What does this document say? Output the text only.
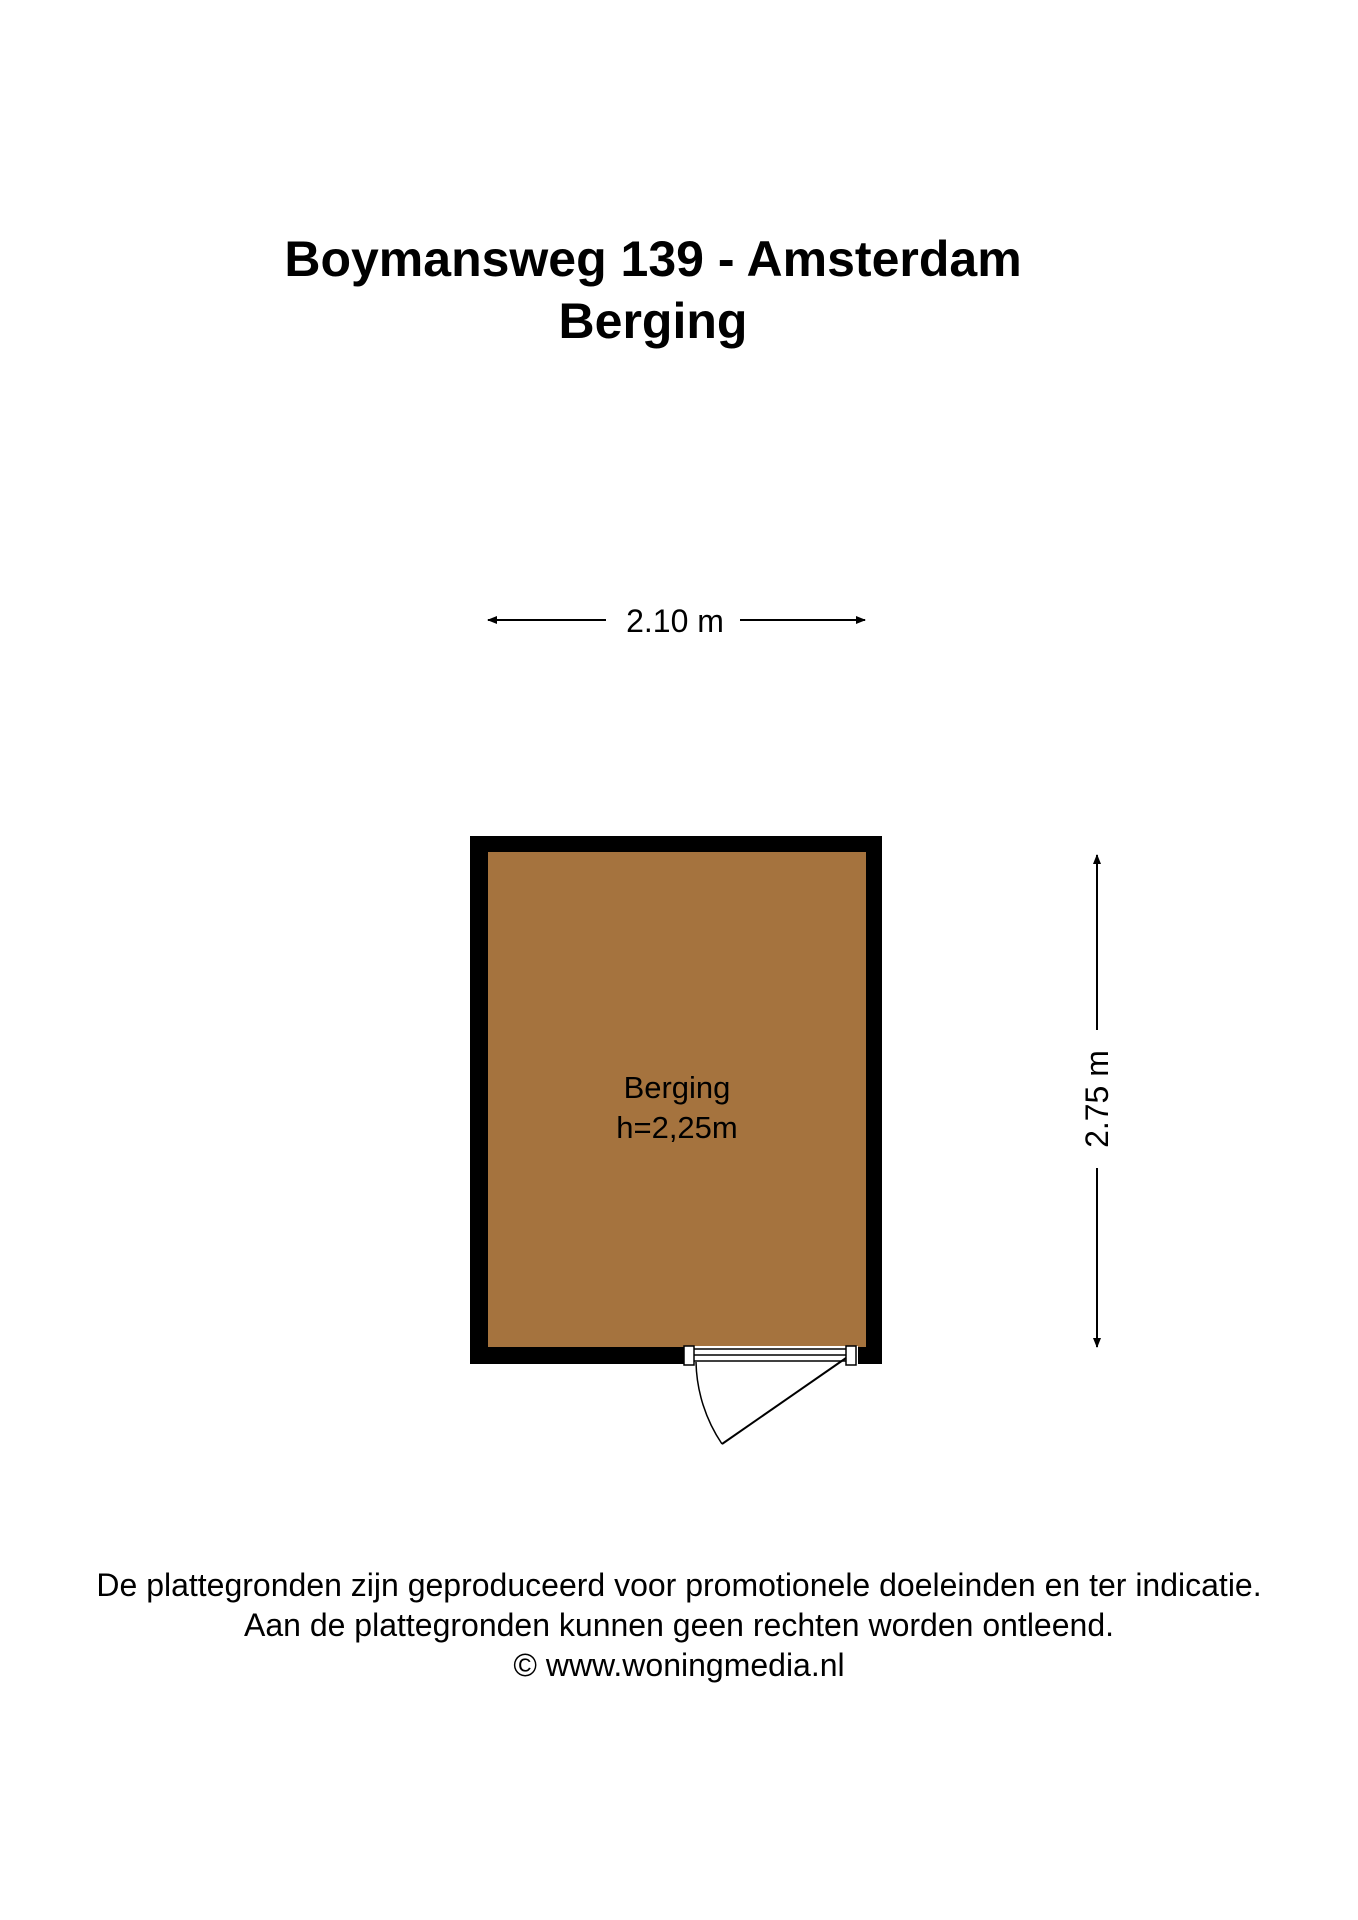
Boymansweg 139 - Amsterdam
Berging
2.10 m
2.75 m
Berging
h=2,25m
De plattegronden zijn geproduceerd voor promotionele doeleinden en ter indicatie.
Aan de plattegronden kunnen geen rechten worden ontleend.
© www.woningmedia.nl
